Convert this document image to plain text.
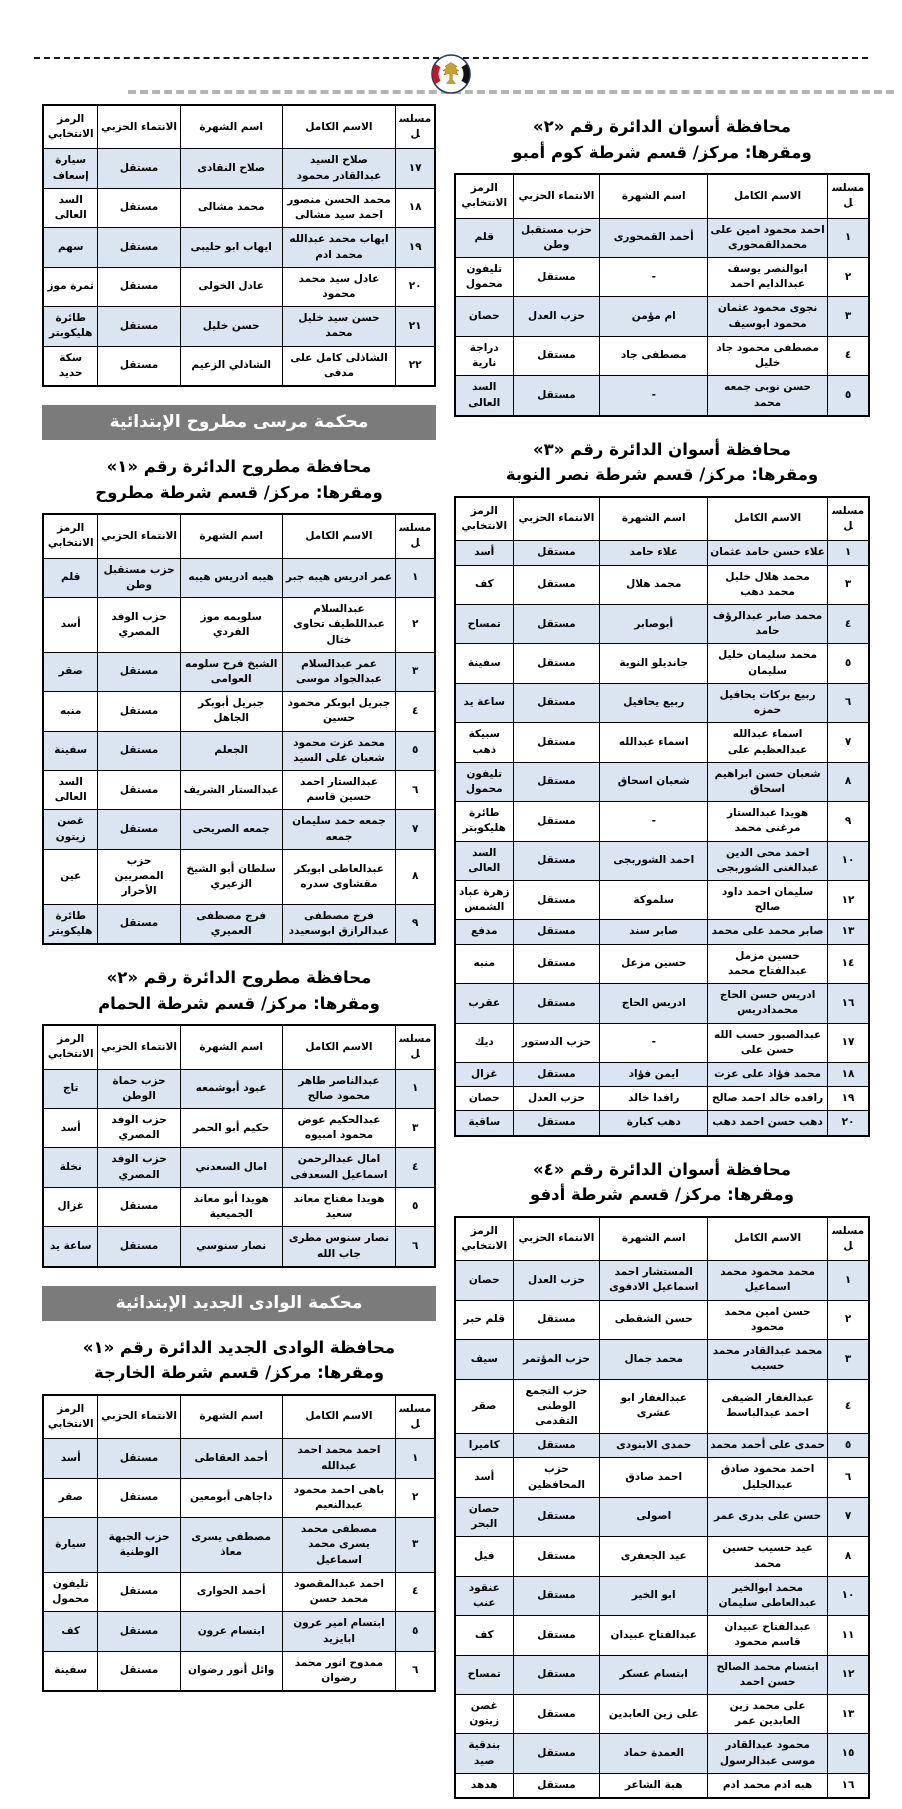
محافظة أسوان الدائرة رقم «٢»
ومقرها: مركز/ قسم شرطة كوم أمبو
مسلسل	الاسم الكامل	اسم الشهرة	الانتماء الحزبي	الرمز الانتخابي
١	احمد محمود امين على محمدالقمحورى	أحمد القمحورى	حزب مستقبل وطن	قلم
٢	ابوالنصر يوسف عبدالدايم احمد	-	مستقل	تليفون محمول
٣	نجوى محمود عثمان محمود ابوسيف	ام مؤمن	حزب العدل	حصان
٤	مصطفى محمود جاد خليل	مصطفى جاد	مستقل	دراجة نارية
٥	حسن نوبى جمعه محمد	-	مستقل	السد العالى
محافظة أسوان الدائرة رقم «٣»
ومقرها: مركز/ قسم شرطة نصر النوبة
مسلسل	الاسم الكامل	اسم الشهرة	الانتماء الحزبي	الرمز الانتخابي
١	علاء حسن حامد عثمان	علاء حامد	مستقل	أسد
٣	محمد هلال خليل محمد دهب	محمد هلال	مستقل	كف
٤	محمد صابر عبدالرؤف حامد	أبوصابر	مستقل	تمساح
٥	محمد سليمان خليل سليمان	جانديلو النوبة	مستقل	سفينة
٦	ربيع بركات يحافيل حمزه	ربيع يحافيل	مستقل	ساعة يد
٧	اسماء عبدالله عبدالعظيم على	اسماء عبدالله	مستقل	سبيكة ذهب
٨	شعبان حسن ابراهيم اسحاق	شعبان اسحاق	مستقل	تليفون محمول
٩	هويدا عبدالستار مرغنى محمد	-	مستقل	طائرة هليكوبتر
١٠	احمد محى الدين عبدالغنى الشوربجى	احمد الشوربجى	مستقل	السد العالى
١٢	سليمان احمد داود صالح	سلموكة	مستقل	زهرة عباد الشمس
١٣	صابر محمد على محمد	صابر سند	مستقل	مدفع
١٤	حسين مزمل عبدالفتاح محمد	حسين مزعل	مستقل	منبه
١٦	ادريس حسن الحاج محمدادريس	ادريس الحاج	مستقل	عقرب
١٧	عبدالصبور حسب الله حسن على	-	حزب الدستور	ديك
١٨	محمد فؤاد على عزت	ايمن فؤاد	مستقل	غزال
١٩	رافده خالد احمد صالح	رافدا خالد	حزب العدل	حصان
٢٠	دهب حسن احمد دهب	دهب كبارة	مستقل	ساقية
محافظة أسوان الدائرة رقم «٤»
ومقرها: مركز/ قسم شرطة أدفو
مسلسل	الاسم الكامل	اسم الشهرة	الانتماء الحزبي	الرمز الانتخابي
١	محمد محمود محمد اسماعيل	المستشار احمد اسماعيل الادفوى	حزب العدل	حصان
٢	حسن امين محمد محمود	حسن الشقطى	مستقل	قلم حبر
٣	محمد عبدالقادر محمد حسيب	محمد جمال	حزب المؤتمر	سيف
٤	عبدالغفار الضيفى احمد عبدالباسط	عبدالغفار ابو عشرى	حزب التجمع الوطنى التقدمى	صقر
٥	حمدى على أحمد محمد	حمدى الابنودى	مستقل	كاميرا
٦	احمد محمود صادق عبدالجليل	احمد صادق	حزب المحافظين	أسد
٧	حسن على بدرى عمر	اصولى	مستقل	حصان البحر
٨	عيد حسيب حسين محمد	عيد الجعفرى	مستقل	فيل
١٠	محمد ابوالخير عبدالعاطى سليمان	ابو الخير	مستقل	عنقود عنب
١١	عبدالفتاح عبيدان قاسم محمود	عبدالفتاح عبيدان	مستقل	كف
١٢	ابتسام محمد الصالح حسن احمد	ابتسام عسكر	مستقل	تمساح
١٣	على محمد زين العابدين عمر	على زين العابدين	مستقل	غصن زيتون
١٥	محمود عبدالقادر موسى عبدالرسول	العمدة حماد	مستقل	بندقية صيد
١٦	هبه ادم محمد ادم	هبة الشاعر	مستقل	هدهد
مسلسل	الاسم الكامل	اسم الشهرة	الانتماء الحزبي	الرمز الانتخابي
١٧	صلاح السيد عبدالقادر محمود	صلاح النقادى	مستقل	سيارة إسعاف
١٨	محمد الحسن منصور احمد سيد مشالى	محمد مشالى	مستقل	السد العالى
١٩	ايهاب محمد عبدالله محمد ادم	ايهاب ابو حليبى	مستقل	سهم
٢٠	عادل سيد محمد محمود	عادل الخولى	مستقل	ثمرة موز
٢١	حسن سيد خليل محمد	حسن خليل	مستقل	طائرة هليكوبتر
٢٢	الشاذلى كامل على مدفى	الشاذلي الزعيم	مستقل	سكة حديد
محكمة مرسى مطروح الإبتدائية
محافظة مطروح الدائرة رقم «١»
ومقرها: مركز/ قسم شرطة مطروح
مسلسل	الاسم الكامل	اسم الشهرة	الانتماء الحزبي	الرمز الانتخابي
١	عمر ادريس هيبه جبر	هيبه ادريس هيبه	حزب مستقبل وطن	قلم
٢	عبدالسلام عبداللطيف تحاوى ختال	سلويمه موز الفردي	حزب الوفد المصري	أسد
٣	عمر عبدالسلام عبدالجواد موسى	الشيخ فرح سلومه العوامى	مستقل	صقر
٤	جبريل ابوبكر محمود حسين	جبريل أبوبكر الجاهل	مستقل	منبه
٥	محمد عزت محمود شعبان على السيد	الجعلم	مستقل	سفينة
٦	عبدالستار احمد حسين قاسم	عبدالستار الشريف	مستقل	السد العالى
٧	جمعه حمد سليمان جمعه	جمعه الصريحى	مستقل	غصن زيتون
٨	عبدالعاطى ابوبكر مقشاوى سدره	سلطان أبو الشيخ الزعيري	حزب المصريين الأحرار	عين
٩	فرج مصطفى عبدالرازق ابوسعيدد	فرج مصطفى العميري	مستقل	طائرة هليكوبتر
محافظة مطروح الدائرة رقم «٢»
ومقرها: مركز/ قسم شرطة الحمام
مسلسل	الاسم الكامل	اسم الشهرة	الانتماء الحزبي	الرمز الانتخابي
١	عبدالناصر طاهر محمود صالح	عبود أبوشمعه	حزب حماة الوطن	تاج
٣	عبدالحكيم عوض محمود امبيوه	حكيم أبو الحمر	حزب الوفد المصري	أسد
٤	امال عبدالرحمن اسماعيل السعدفى	امال السعدني	حزب الوفد المصري	نخلة
٥	هويدا مفتاح معاند سعيد	هويدا أبو معاند الجميعية	مستقل	غزال
٦	نصار سنوس مطرى جاب الله	نصار سنوسي	مستقل	ساعة يد
محكمة الوادى الجديد الإبتدائية
محافظة الوادى الجديد الدائرة رقم «١»
ومقرها: مركز/ قسم شرطة الخارجة
مسلسل	الاسم الكامل	اسم الشهرة	الانتماء الحزبي	الرمز الانتخابي
١	احمد محمد احمد عبدالله	أحمد العقاطى	مستقل	أسد
٢	باهى احمد محمود عبدالنعيم	داجاهى أبومعين	مستقل	صقر
٣	مصطفى محمد يسرى محمد اسماعيل	مصطفى يسرى معاذ	حزب الجبهة الوطنية	سيارة
٤	احمد عبدالمقصود محمد حسن	أحمد الحوارى	مستقل	تليفون محمول
٥	ابتسام امير عرون ابايزيد	ابتسام عرون	مستقل	كف
٦	ممدوح انور محمد رضوان	وائل أنور رضوان	مستقل	سفينة
